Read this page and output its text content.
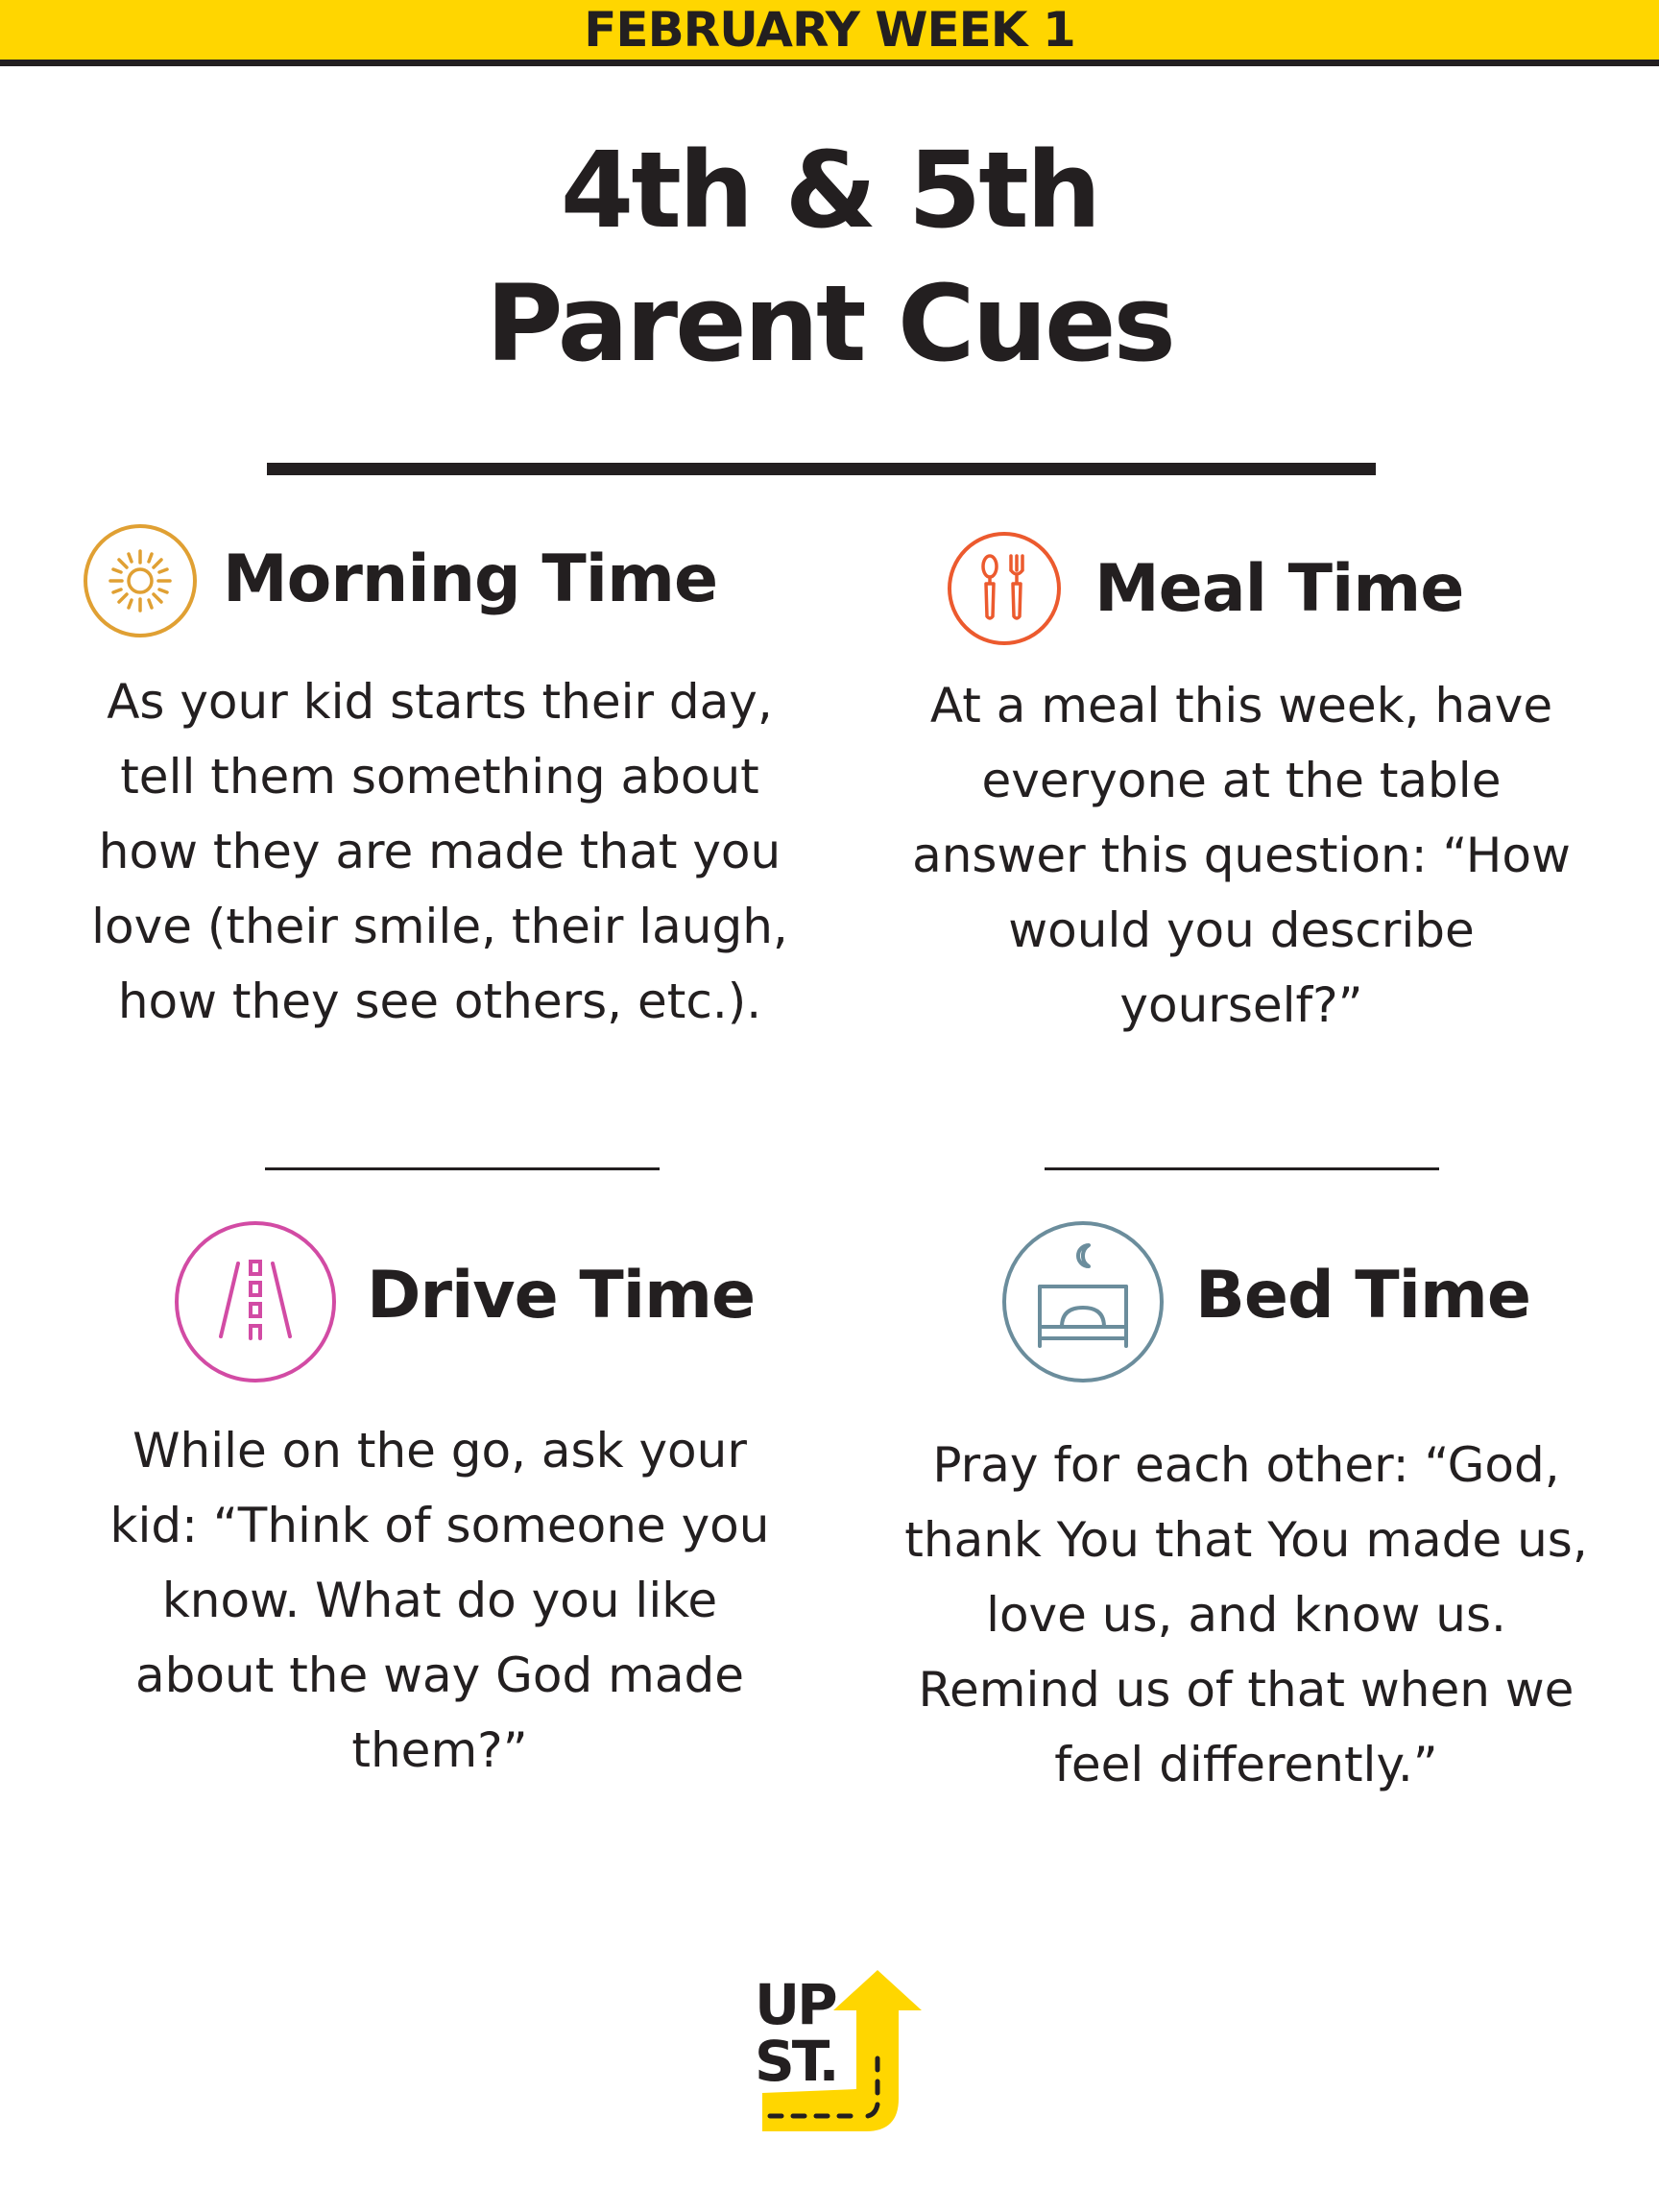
FEBRUARY WEEK 1
4th & 5th
Parent Cues
Morning Time
As your kid starts their day,
tell them something about
how they are made that you
love (their smile, their laugh,
how they see others, etc.).
Meal Time
At a meal this week, have
everyone at the table
answer this question: “How
would you describe
yourself?”
Drive Time
While on the go, ask your
kid: “Think of someone you
know. What do you like
about the way God made
them?”
Bed Time
Pray for each other: “God,
thank You that You made us,
love us, and know us.
Remind us of that when we
feel differently.”
UP
ST.
